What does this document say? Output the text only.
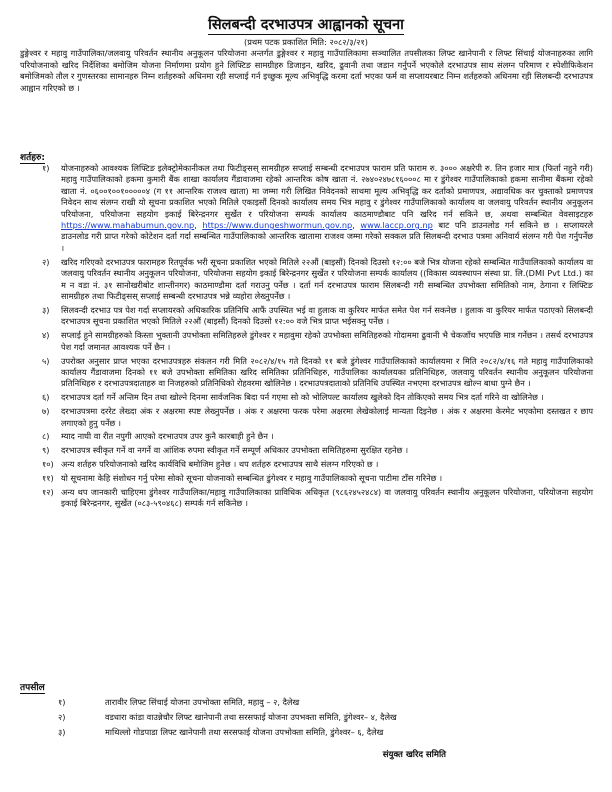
सिलबन्दी दरभाउपत्र आह्वानको सूचना
(प्रथम पटक प्रकाशित मिति: २०८२/३/२१)
डुङ्गेश्वर र महावु गाउँपालिका/जलवायु परिवर्तन स्थानीय अनुकूलन परियोजना अन्तर्गत डुङ्गेश्वर र महावु गाउँपालिकामा सञ्चालित तपसीलका लिफ्ट खानेपानी र लिफ्ट सिंचाई योजनाहरुका लागि परियोजनाको खरिद निर्देशिका बमोजिम योजना निर्माणमा प्रयोग हुने लिफ्टिङ सामग्रीहरु डिजाइन, खरिद, ढुवानी तथा जडान गर्नुपर्ने भएकोले दरभाउपत्र साथ संलग्न परिमाण र स्पेशीफिकेशन बमोजिमको तौल र गुणस्तरका सामानहरु निम्न शर्तहरुको अधिनमा रही सप्लाई गर्न इच्छुक मूल्य अभिवृद्धि करमा दर्ता भएका फर्म वा सप्लायरबाट निम्न शर्तहरुको अधिनमा रही सिलबन्दी दरभाउपत्र आह्वान गरिएको छ ।
शर्तहरु:
१) योजनाहरुको आवश्यक लिफ्टिङ इलेक्ट्रोमेकानीकल तथा फिटीङ्सस् सामग्रीहरु सप्लाई सम्बन्धी दरभाउपत्र फाराम प्रति फाराम रु. ३००० अक्षरेपी रु. तिन हजार मात्र (फिर्ता नहुने गरी) महावु गाउँपालिकाको हकमा कुमारी बैंक शाखा कार्यालय गैंडावाजमा रहेको आन्तरिक कोष खाता नं. २७४०२४७८१६०००८ मा र डुंगेश्वर गाउँपालिकाको हकमा सानीमा बैंकमा रहेको खाता नं. ०६००१००१०००००४ (ग ११ आन्तरिक राजश्व खाता) मा जम्मा गरी लिखित निवेदनको साथमा मूल्य अभिवृद्धि कर दर्ताको प्रमाणपत्र, अद्यावधिक कर चुक्ताको प्रमाणपत्र निवेदन साथ संलग्न राखी यो सूचना प्रकाशित भएको मितिले एकाइसौं दिनको कार्यालय समय भित्र महावु र डुंगेश्वर गाउँपालिकाको कार्यालय वा जलवायु परिवर्तन स्थानीय अनुकूलन परियोजना, परियोजना सहयोग इकाई बिरेन्द्रनगर सुर्खेत र परियोजना सम्पर्क कार्यालय काठमाण्डौबाट पनि खरिद गर्न सकिने छ, अथवा सम्बन्धित वेवसाइटहरु https://www.mahabumun.gov.np, https://www.dungeshwormun.gov.np, www.laccp.org.np बाट पनि डाउनलोड गर्न सकिने छ । सप्लायरले डाउनलोड गरी प्राप्त गरेको कोटेशन दर्ता गर्दा सम्बन्धित गाउँपालिकाको आन्तरिक खातामा राजश्व जम्मा गरेको सक्कल प्रति सिलबन्दी दरभाउ पत्रमा अनिवार्य संलग्न गरी पेश गर्नुपर्नेछ ।
२) खरिद गरिएको दरभाउपत्र फारामहरु रितपूर्वक भरी सूचना प्रकाशित भएको मितिले २२औं (बाइसौं) दिनको दिउसो १२:०० बजे भित्र योजना रहेको सम्बन्धित गाउँपालिकाको कार्यालय वा जलवायु परिवर्तन स्थानीय अनुकूलन परियोजना, परियोजना सहयोग इकाई बिरेन्द्रनगर सुर्खेत र परियोजना सम्पर्क कार्यालय ((विकास व्यवस्थापन संस्था प्रा. लि.(DMI Pvt Ltd.) का म न वडा नं. ३१ सानोखरीबोट शान्तीनगर) काठमाण्डौमा दर्ता गराउनु पर्नेछ । दर्ता गर्न दरभाउपत्र फाराम सिलबन्दी गरी सम्बन्धित उपभोक्ता समितिको नाम, ठेगाना र लिफ्टिङ सामग्रीहरु तथा फिटीङ्सस् सप्लाई सम्बन्धी दरभाउपत्र भन्ने व्यहोरा लेख्नुपर्नेछ ।
३) सिलवन्दी दरभाउ पत्र पेश गर्दा सप्लायरको अधिकारिक प्रतिनिधि आफैं उपस्थित भई वा हुलाक वा कुरियर मार्फत समेत पेश गर्न सकनेछ । हुलाक वा कुरियर मार्फत पठाएको सिलबन्दी दरभाउपत्र सूचना प्रकाशित भएको मितिले २२औं (बाइसौं) दिनको दिउसो १२:०० वजे भित्र प्राप्त भईसक्नु पर्नेछ ।
४) सप्लाई हुने सामग्रीहरुको किस्ता भुक्तानी उपभोक्ता समितिहरुले डुंगेश्वर र महावुमा रहेको उपभोक्ता समितिहरुको गोदाममा ढुवानी भै चेकजाँच भएपछि मात्र गर्नेछन । तसर्थ दरभाउपत्र पेश गर्दा जमानत आवश्यक पर्ने छैन ।
५) उपरोक्त अनुसार प्राप्त भएका दरभाउपत्रहरु संकलन गरी मिति २०८२/४/१५ गते दिनको ११ बजे डुंगेश्वर गाउँपालिकाको कार्यालयमा र मिति २०८२/४/१६ गते महावु गाउँपालिकाको कार्यालय गैंडावाजमा दिनको ११ बजे उपभोक्ता समितिका खरिद समितिका प्रतिनिधिहरु, गाउँपालिका कार्यालयका प्रतिनिधिहरु, जलवायु परिवर्तन स्थानीय अनुकूलन परियोजना प्रतिनिधिहरु र दरभाउपत्रदाताहरु वा निजहरुको प्रतिनिधिको रोहवरमा खोलिनेछ । दरभाउपत्रदाताको प्रतिनिधि उपस्थित नभएमा दरभाउपत्र खोल्न बाधा पुग्ने छैन ।
६) दरभाउपत्र दर्ता गर्ने अन्तिम दिन तथा खोल्ने दिनमा सार्वजनिक बिदा पर्न गएमा सो को भोलिपल्ट कार्यालय खुलेको दिन तोकिएको समय भित्र दर्ता गरिने वा खोलिनेछ ।
७) दरभाउपत्रमा दररेट लेख्दा अंक र अक्षरमा स्पष्ट लेख्नुपर्नेछ । अंक र अक्षरमा फरक परेमा अक्षरमा लेखेकोलाई मान्यता दिइनेछ । अंक र अक्षरमा केरमेट भएकोमा दस्तखत र छाप लगाएको हुनु पर्नेछ ।
८) म्याद नाघी वा रीत नपुगी आएको दरभाउपत्र उपर कुनै कारबाही हुने छैन ।
९) दरभाउपत्र स्वीकृत गर्ने वा नगर्ने वा आंशिक रुपमा स्वीकृत गर्ने सम्पूर्ण अधिकार उपभोक्ता समितिहरुमा सुरक्षित रहनेछ ।
१०) अन्य शर्तहरु परियोजनाको खरिद कार्यविधि बमोजिम हुनेछ । थप शर्तहरु दरभाउपत्र साथै संलग्न गरिएको छ ।
११) यो सूचनामा केहि संशोधन गर्नु परेमा सोको सूचना योजनाको सम्बन्धित डुंगेश्वर र महावु गाउँपालिकाको सूचना पाटीमा टाँस गरिनेछ ।
१२) अन्य थप जानकारी चाहिएमा डुंगेश्वर गाउँपालिका/महावु गाउँपालिकाका प्राविधिक अधिकृत (९८६२४५२४८४) वा जलवायु परिवर्तन स्थानीय अनुकूलन परियोजना, परियोजना सहयोग इकाई बिरेन्द्रनगर, सुर्खेत (०८३-५९०४६८) सम्पर्क गर्न सकिनेछ ।
तपसील
१)	तारावीर लिफ्ट सिंचाई योजना उपभोक्ता समिति, महावु – २, दैलेख
२)	वडधारा कांडा वाउन्नेचौर लिफ्ट खानेपानी तथा सरसफाई योजना उपभक्ता समिति, डुंगेश्वर– ४, दैलेख
३)	माथिल्लो गोडपाडा लिफ्ट खानेपानी तथा सरसफाई योजना उपभोक्ता समिति, डुंगेश्वर– ६, दैलेख
संयुक्त खरिद समिति
